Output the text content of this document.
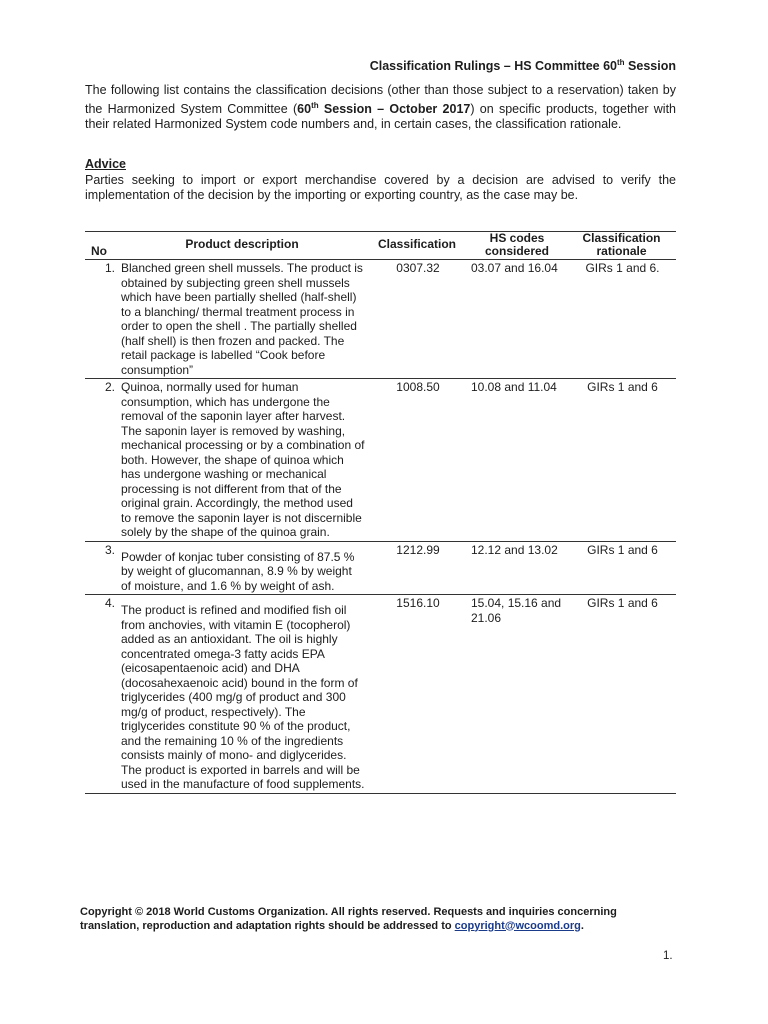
Classification Rulings – HS Committee 60th Session
The following list contains the classification decisions (other than those subject to a reservation) taken by the Harmonized System Committee (60th Session – October 2017) on specific products, together with their related Harmonized System code numbers and, in certain cases, the classification rationale.
Advice
Parties seeking to import or export merchandise covered by a decision are advised to verify the implementation of the decision by the importing or exporting country, as the case may be.
No	Product description	Classification	HS codes considered	Classification rationale
1.	Blanched green shell mussels. The product is obtained by subjecting green shell mussels which have been partially shelled (half-shell) to a blanching/ thermal treatment process in order to open the shell . The partially shelled (half shell) is then frozen and packed. The retail package is labelled “Cook before consumption”	0307.32	03.07 and 16.04	GIRs 1 and 6.
2.	Quinoa, normally used for human consumption, which has undergone the removal of the saponin layer after harvest. The saponin layer is removed by washing, mechanical processing or by a combination of both. However, the shape of quinoa which has undergone washing or mechanical processing is not different from that of the original grain. Accordingly, the method used to remove the saponin layer is not discernible solely by the shape of the quinoa grain.	1008.50	10.08 and 11.04	GIRs 1 and 6
3.	Powder of konjac tuber consisting of 87.5 % by weight of glucomannan, 8.9 % by weight of moisture, and 1.6 % by weight of ash.	1212.99	12.12 and 13.02	GIRs 1 and 6
4.	The product is refined and modified fish oil from anchovies, with vitamin E (tocopherol) added as an antioxidant. The oil is highly concentrated omega-3 fatty acids EPA (eicosapentaenoic acid) and DHA (docosahexaenoic acid) bound in the form of triglycerides (400 mg/g of product and 300 mg/g of product, respectively). The triglycerides constitute 90 % of the product, and the remaining 10 % of the ingredients consists mainly of mono- and diglycerides. The product is exported in barrels and will be used in the manufacture of food supplements.	1516.10	15.04, 15.16 and 21.06	GIRs 1 and 6
Copyright © 2018 World Customs Organization. All rights reserved. Requests and inquiries concerning translation, reproduction and adaptation rights should be addressed to copyright@wcoomd.org.
1.
